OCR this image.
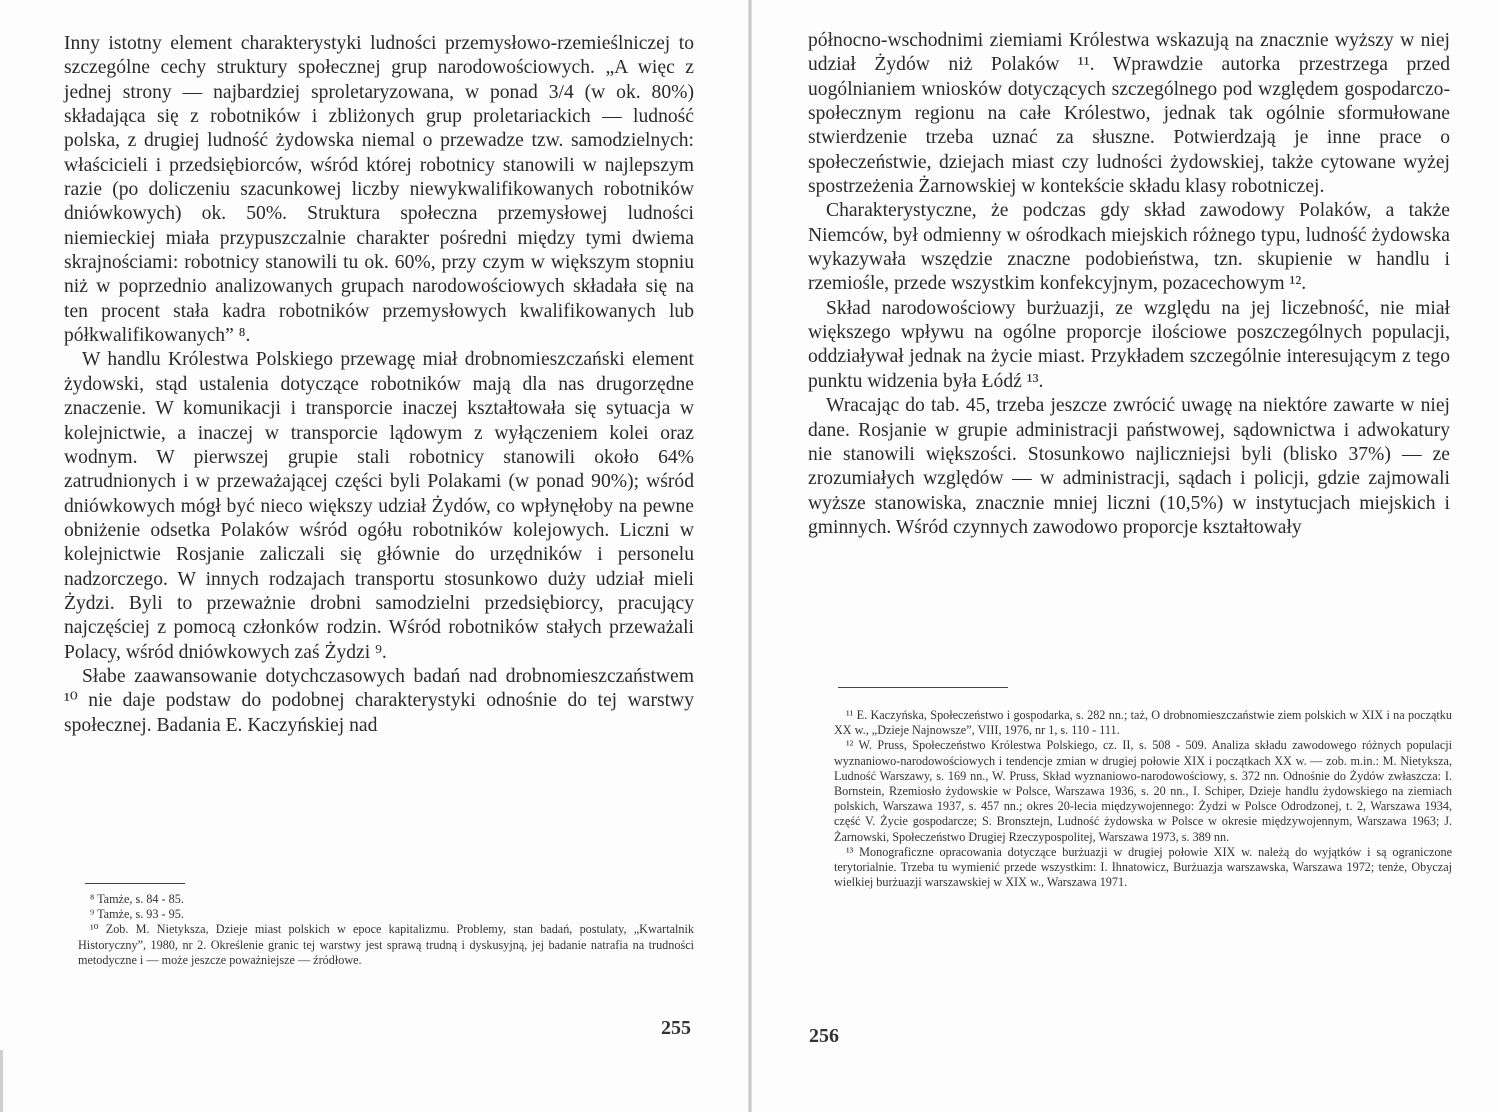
Inny istotny element charakterystyki ludności przemysłowo-rzemieślniczej to szczególne cechy struktury społecznej grup narodowościowych. „A więc z jednej strony — najbardziej sproletaryzowana, w ponad 3/4 (w ok. 80%) składająca się z robotników i zbliżonych grup proletariackich — ludność polska, z drugiej ludność żydowska niemal o przewadze tzw. samodzielnych: właścicieli i przedsiębiorców, wśród której robotnicy stanowili w najlepszym razie (po doliczeniu szacunkowej liczby niewykwalifikowanych robotników dniówkowych) ok. 50%. Struktura społeczna przemysłowej ludności niemieckiej miała przypuszczalnie charakter pośredni między tymi dwiema skrajnościami: robotnicy stanowili tu ok. 60%, przy czym w większym stopniu niż w poprzednio analizowanych grupach narodowościowych składała się na ten procent stała kadra robotników przemysłowych kwalifikowanych lub półkwalifikowanych” ⁸.

W handlu Królestwa Polskiego przewagę miał drobnomieszczański element żydowski, stąd ustalenia dotyczące robotników mają dla nas drugorzędne znaczenie. W komunikacji i transporcie inaczej kształtowała się sytuacja w kolejnictwie, a inaczej w transporcie lądowym z wyłączeniem kolei oraz wodnym. W pierwszej grupie stali robotnicy stanowili około 64% zatrudnionych i w przeważającej części byli Polakami (w ponad 90%); wśród dniówkowych mógł być nieco większy udział Żydów, co wpłynęłoby na pewne obniżenie odsetka Polaków wśród ogółu robotników kolejowych. Liczni w kolejnictwie Rosjanie zaliczali się głównie do urzędników i personelu nadzorczego. W innych rodzajach transportu stosunkowo duży udział mieli Żydzi. Byli to przeważnie drobni samodzielni przedsiębiorcy, pracujący najczęściej z pomocą członków rodzin. Wśród robotników stałych przeważali Polacy, wśród dniówkowych zaś Żydzi ⁹.

Słabe zaawansowanie dotychczasowych badań nad drobnomieszczaństwem ¹⁰ nie daje podstaw do podobnej charakterystyki odnośnie do tej warstwy społecznej. Badania E. Kaczyńskiej nad

⁸ Tamże, s. 84 - 85.

⁹ Tamże, s. 93 - 95.

¹⁰ Zob. M. Nietyksza, Dzieje miast polskich w epoce kapitalizmu. Problemy, stan badań, postulaty, „Kwartalnik Historyczny”, 1980, nr 2. Określenie granic tej warstwy jest sprawą trudną i dyskusyjną, jej badanie natrafia na trudności metodyczne i — może jeszcze poważniejsze — źródłowe.

255

północno-wschodnimi ziemiami Królestwa wskazują na znacznie wyższy w niej udział Żydów niż Polaków ¹¹. Wprawdzie autorka przestrzega przed uogólnianiem wniosków dotyczących szczególnego pod względem gospodarczo-społecznym regionu na całe Królestwo, jednak tak ogólnie sformułowane stwierdzenie trzeba uznać za słuszne. Potwierdzają je inne prace o społeczeństwie, dziejach miast czy ludności żydowskiej, także cytowane wyżej spostrzeżenia Żarnowskiej w kontekście składu klasy robotniczej.

Charakterystyczne, że podczas gdy skład zawodowy Polaków, a także Niemców, był odmienny w ośrodkach miejskich różnego typu, ludność żydowska wykazywała wszędzie znaczne podobieństwa, tzn. skupienie w handlu i rzemiośle, przede wszystkim konfekcyjnym, pozacechowym ¹².

Skład narodowościowy burżuazji, ze względu na jej liczebność, nie miał większego wpływu na ogólne proporcje ilościowe poszczególnych populacji, oddziaływał jednak na życie miast. Przykładem szczególnie interesującym z tego punktu widzenia była Łódź ¹³.

Wracając do tab. 45, trzeba jeszcze zwrócić uwagę na niektóre zawarte w niej dane. Rosjanie w grupie administracji państwowej, sądownictwa i adwokatury nie stanowili większości. Stosunkowo najliczniejsi byli (blisko 37%) — ze zrozumiałych względów — w administracji, sądach i policji, gdzie zajmowali wyższe stanowiska, znacznie mniej liczni (10,5%) w instytucjach miejskich i gminnych. Wśród czynnych zawodowo proporcje kształtowały

¹¹ E. Kaczyńska, Społeczeństwo i gospodarka, s. 282 nn.; taż, O drobnomieszczaństwie ziem polskich w XIX i na początku XX w., „Dzieje Najnowsze”, VIII, 1976, nr 1, s. 110 - 111.

¹² W. Pruss, Społeczeństwo Królestwa Polskiego, cz. II, s. 508 - 509. Analiza składu zawodowego różnych populacji wyznaniowo-narodowościowych i tendencje zmian w drugiej połowie XIX i początkach XX w. — zob. m.in.: M. Nietyksza, Ludność Warszawy, s. 169 nn., W. Pruss, Skład wyznaniowo-narodowościowy, s. 372 nn. Odnośnie do Żydów zwłaszcza: I. Bornstein, Rzemiosło żydowskie w Polsce, Warszawa 1936, s. 20 nn., I. Schiper, Dzieje handlu żydowskiego na ziemiach polskich, Warszawa 1937, s. 457 nn.; okres 20-lecia międzywojennego: Żydzi w Polsce Odrodzonej, t. 2, Warszawa 1934, część V. Życie gospodarcze; S. Bronsztejn, Ludność żydowska w Polsce w okresie międzywojennym, Warszawa 1963; J. Żarnowski, Społeczeństwo Drugiej Rzeczypospolitej, Warszawa 1973, s. 389 nn.

¹³ Monograficzne opracowania dotyczące burżuazji w drugiej połowie XIX w. należą do wyjątków i są ograniczone terytorialnie. Trzeba tu wymienić przede wszystkim: I. Ihnatowicz, Burżuazja warszawska, Warszawa 1972; tenże, Obyczaj wielkiej burżuazji warszawskiej w XIX w., Warszawa 1971.

256
